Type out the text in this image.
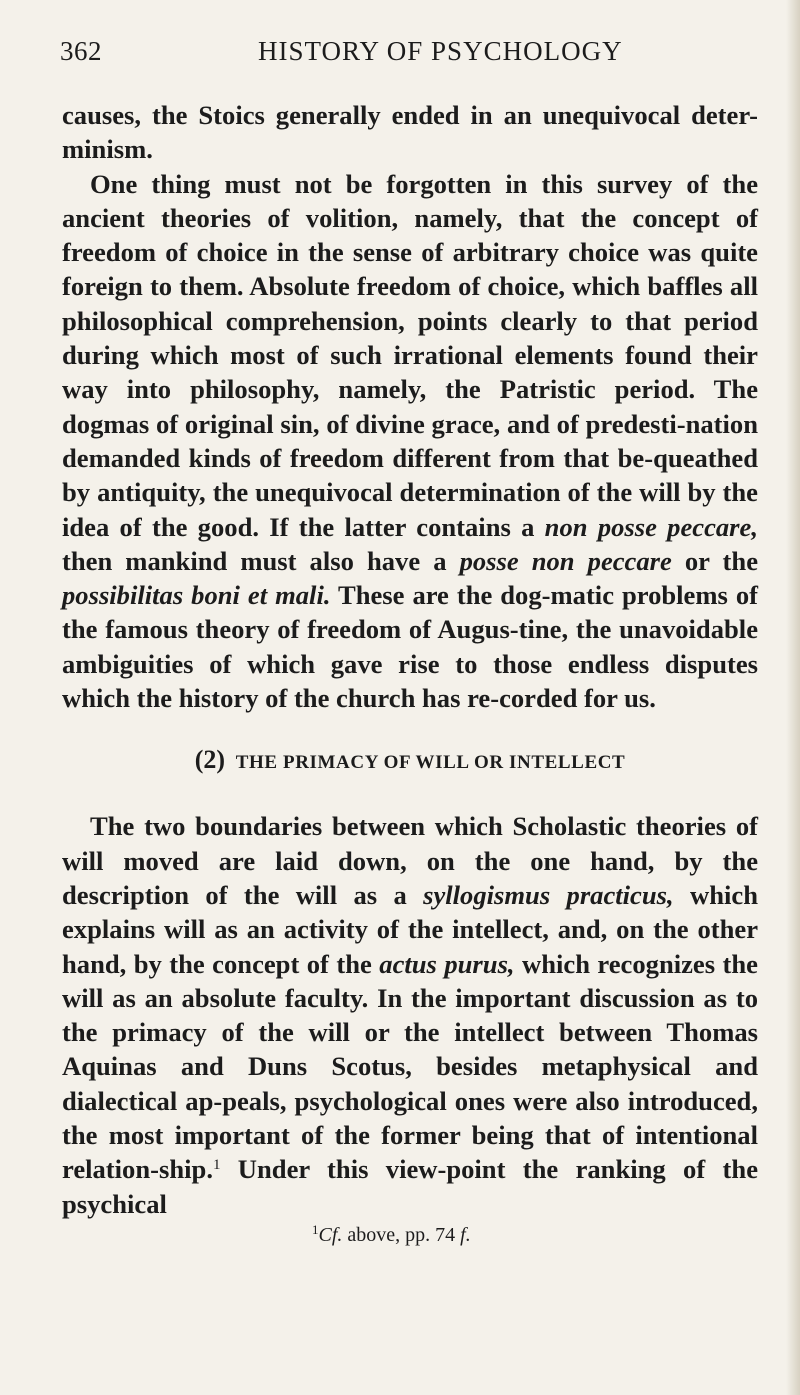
362	HISTORY OF PSYCHOLOGY

causes, the Stoics generally ended in an unequivocal deter-minism.

One thing must not be forgotten in this survey of the ancient theories of volition, namely, that the concept of freedom of choice in the sense of arbitrary choice was quite foreign to them. Absolute freedom of choice, which baffles all philosophical comprehension, points clearly to that period during which most of such irrational elements found their way into philosophy, namely, the Patristic period. The dogmas of original sin, of divine grace, and of predesti-nation demanded kinds of freedom different from that be-queathed by antiquity, the unequivocal determination of the will by the idea of the good. If the latter contains a non posse peccare, then mankind must also have a posse non peccare or the possibilitas boni et mali. These are the dog-matic problems of the famous theory of freedom of Augus-tine, the unavoidable ambiguities of which gave rise to those endless disputes which the history of the church has re-corded for us.

(2) THE PRIMACY OF WILL OR INTELLECT

The two boundaries between which Scholastic theories of will moved are laid down, on the one hand, by the description of the will as a syllogismus practicus, which explains will as an activity of the intellect, and, on the other hand, by the concept of the actus purus, which recognizes the will as an absolute faculty. In the important discussion as to the primacy of the will or the intellect between Thomas Aquinas and Duns Scotus, besides metaphysical and dialectical ap-peals, psychological ones were also introduced, the most important of the former being that of intentional relation-ship.$^1$ Under this view-point the ranking of the psychical

$^1$Cf. above, pp. 74 f.
